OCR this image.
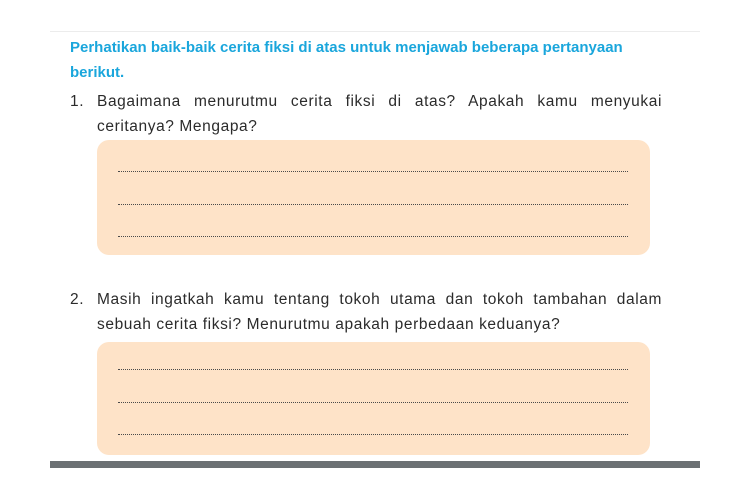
Perhatikan baik-baik cerita fiksi di atas untuk menjawab beberapa pertanyaan
berikut.
1. Bagaimana menurutmu cerita fiksi di atas? Apakah kamu menyukai
ceritanya? Mengapa?
2. Masih ingatkah kamu tentang tokoh utama dan tokoh tambahan dalam
sebuah cerita fiksi? Menurutmu apakah perbedaan keduanya?
